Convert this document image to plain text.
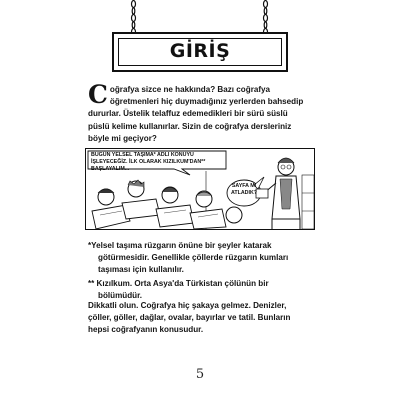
GİRİŞ
Coğrafya sizce ne hakkında? Bazı coğrafya öğretmenleri hiç duymadığınız yerlerden bahsedip dururlar. Üstelik telaffuz edemedikleri bir sürü süslü püslü kelime kullanırlar. Sizin de coğrafya dersleriniz böyle mi geçiyor?
BUGÜN YELSEL TAŞIMA* ADLI KONUYU İŞLEYECEĞİZ. İLK OLARAK KIZILKUM'DAN** BAŞLAYALIM...
SAYFA MI ATLADIK?
*Yelsel taşıma rüzgarın önüne bir şeyler katarak götürmesidir. Genellikle çöllerde rüzgarın kumları taşıması için kullanılır.
** Kızılkum. Orta Asya'da Türkistan çölünün bir bölümüdür.
Dikkatli olun. Coğrafya hiç şakaya gelmez. Denizler, çöller, göller, dağlar, ovalar, bayırlar ve tatil. Bunların hepsi coğrafyanın konusudur.
5
